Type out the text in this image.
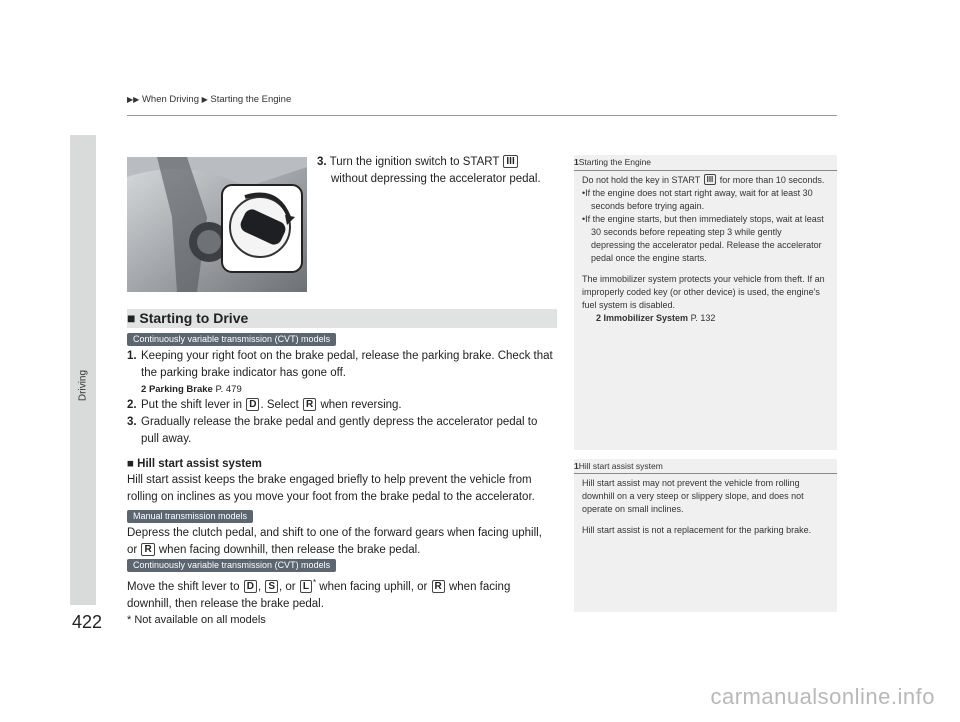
▶▶ When Driving ▶ Starting the Engine
Driving
422
3. Turn the ignition switch to START III
without depressing the accelerator pedal.
■ Starting to Drive
Continuously variable transmission (CVT) models
1. Keeping your right foot on the brake pedal, release the parking brake. Check that the parking brake indicator has gone off.
2 Parking Brake P. 479
2. Put the shift lever in D . Select R when reversing.
3. Gradually release the brake pedal and gently depress the accelerator pedal to pull away.
■ Hill start assist system
Hill start assist keeps the brake engaged briefly to help prevent the vehicle from rolling on inclines as you move your foot from the brake pedal to the accelerator.
Manual transmission models
Depress the clutch pedal, and shift to one of the forward gears when facing uphill,
or R when facing downhill, then release the brake pedal.
Continuously variable transmission (CVT) models
Move the shift lever to D , S , or L * when facing uphill, or R when facing
downhill, then release the brake pedal.
1Starting the Engine
Do not hold the key in START III for more than 10 seconds.
•If the engine does not start right away, wait for at least 30 seconds before trying again.
•If the engine starts, but then immediately stops, wait at least 30 seconds before repeating step 3 while gently depressing the accelerator pedal. Release the accelerator pedal once the engine starts.
The immobilizer system protects your vehicle from theft. If an improperly coded key (or other device) is used, the engine's fuel system is disabled.
2 Immobilizer System P. 132
1Hill start assist system
Hill start assist may not prevent the vehicle from rolling downhill on a very steep or slippery slope, and does not operate on small inclines.
Hill start assist is not a replacement for the parking brake.
* Not available on all models
carmanualsonline.info
